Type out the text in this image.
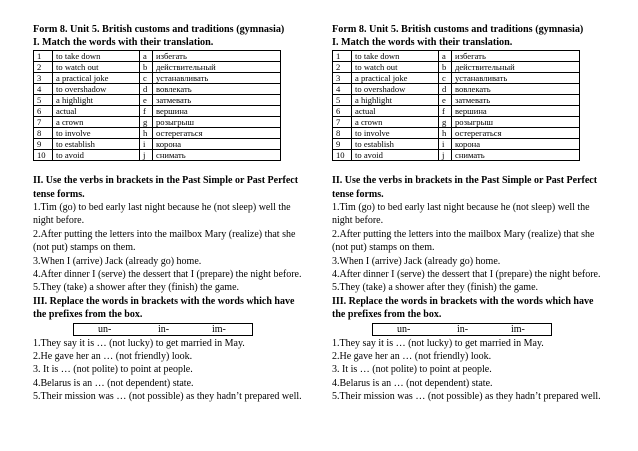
Form 8. Unit 5. British customs and traditions (gymnasia)
I. Match the words with their translation.
1	to take down	a	избегать
2	to watch out	b	действительный
3	a practical joke	c	устанавливать
4	to overshadow	d	вовлекать
5	a highlight	e	затмевать
6	actual	f	вершина
7	a crown	g	розыгрыш
8	to involve	h	остерегаться
9	to establish	i	корона
10	to avoid	j	снимать

II. Use the verbs in brackets in the Past Simple or Past Perfect tense forms.

1.Tim (go) to bed early last night because he (not sleep) well the night before.

2.After putting the letters into the mailbox Mary (realize) that she (not put) stamps on them.

3.When I (arrive) Jack (already go) home.

4.After dinner I (serve) the dessert that I (prepare) the night before.

5.They (take) a shower after they (finish) the game.

III. Replace the words in brackets with the words which have the prefixes from the box.

un-	in-	im-

1.They say it is … (not lucky) to get married in May.

2.He gave her an … (not friendly) look.

3. It is … (not polite) to point at people.

4.Belarus is an … (not dependent) state.

5.Their mission was … (not possible) as they hadn’t prepared well.

Form 8. Unit 5. British customs and traditions (gymnasia)
I. Match the words with their translation.
1	to take down	a	избегать
2	to watch out	b	действительный
3	a practical joke	c	устанавливать
4	to overshadow	d	вовлекать
5	a highlight	e	затмевать
6	actual	f	вершина
7	a crown	g	розыгрыш
8	to involve	h	остерегаться
9	to establish	i	корона
10	to avoid	j	снимать

II. Use the verbs in brackets in the Past Simple or Past Perfect tense forms.

1.Tim (go) to bed early last night because he (not sleep) well the night before.

2.After putting the letters into the mailbox Mary (realize) that she (not put) stamps on them.

3.When I (arrive) Jack (already go) home.

4.After dinner I (serve) the dessert that I (prepare) the night before.

5.They (take) a shower after they (finish) the game.

III. Replace the words in brackets with the words which have the prefixes from the box.

un-	in-	im-

1.They say it is … (not lucky) to get married in May.

2.He gave her an … (not friendly) look.

3. It is … (not polite) to point at people.

4.Belarus is an … (not dependent) state.

5.Their mission was … (not possible) as they hadn’t prepared well.
